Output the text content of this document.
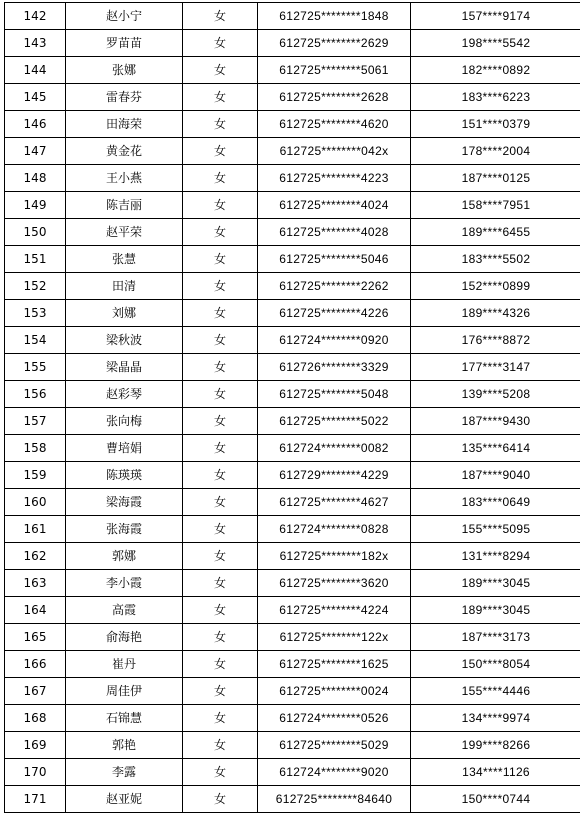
142	赵小宁	女	612725********1848	157****9174
143	罗苗苗	女	612725********2629	198****5542
144	张娜	女	612725********5061	182****0892
145	雷春芬	女	612725********2628	183****6223
146	田海荣	女	612725********4620	151****0379
147	黄金花	女	612725********042x	178****2004
148	王小燕	女	612725********4223	187****0125
149	陈吉丽	女	612725********4024	158****7951
150	赵平荣	女	612725********4028	189****6455
151	张慧	女	612725********5046	183****5502
152	田清	女	612725********2262	152****0899
153	刘娜	女	612725********4226	189****4326
154	梁秋波	女	612724********0920	176****8872
155	梁晶晶	女	612726********3329	177****3147
156	赵彩琴	女	612725********5048	139****5208
157	张向梅	女	612725********5022	187****9430
158	曹培娟	女	612724********0082	135****6414
159	陈瑛瑛	女	612729********4229	187****9040
160	梁海霞	女	612725********4627	183****0649
161	张海霞	女	612724********0828	155****5095
162	郭娜	女	612725********182x	131****8294
163	李小霞	女	612725********3620	189****3045
164	高霞	女	612725********4224	189****3045
165	俞海艳	女	612725********122x	187****3173
166	崔丹	女	612725********1625	150****8054
167	周佳伊	女	612725********0024	155****4446
168	石锦慧	女	612724********0526	134****9974
169	郭艳	女	612725********5029	199****8266
170	李露	女	612724********9020	134****1126
171	赵亚妮	女	612725********84640	150****0744
